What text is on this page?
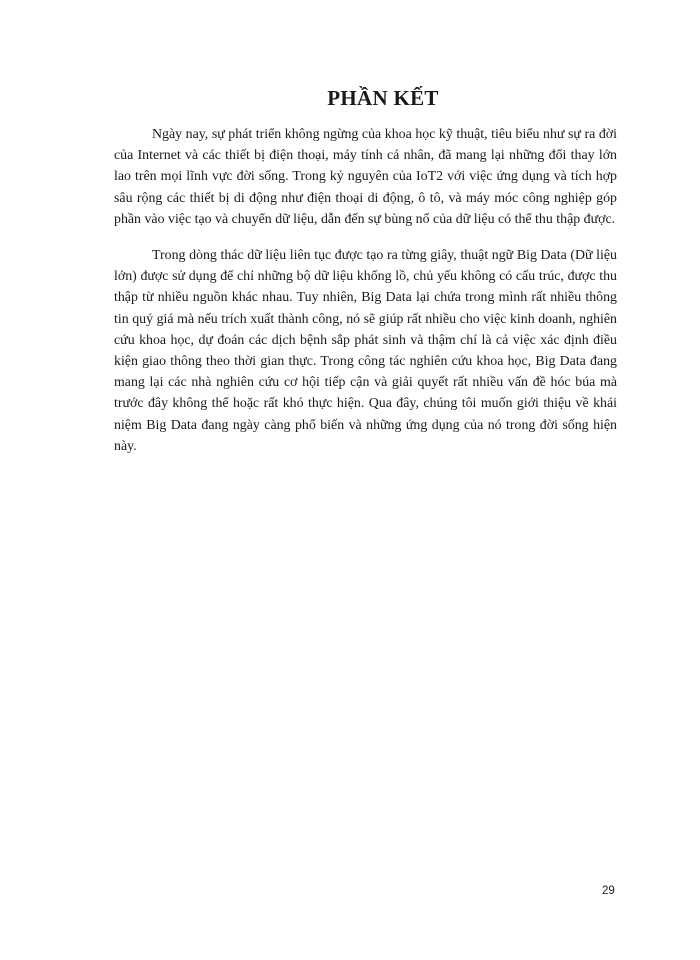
PHẦN KẾT

Ngày nay, sự phát triển không ngừng của khoa học kỹ thuật, tiêu biểu như sự ra đời của Internet và các thiết bị điện thoại, máy tính cá nhân, đã mang lại những đổi thay lớn lao trên mọi lĩnh vực đời sống. Trong kỷ nguyên của IoT2 với việc ứng dụng và tích hợp sâu rộng các thiết bị di động như điện thoại di động, ô tô, và máy móc công nghiệp góp phần vào việc tạo và chuyển dữ liệu, dẫn đến sự bùng nổ của dữ liệu có thể thu thập được.

Trong dòng thác dữ liệu liên tục được tạo ra từng giây, thuật ngữ Big Data (Dữ liệu lớn) được sử dụng để chỉ những bộ dữ liệu khổng lồ, chủ yếu không có cấu trúc, được thu thập từ nhiều nguồn khác nhau. Tuy nhiên, Big Data lại chứa trong mình rất nhiều thông tin quý giá mà nếu trích xuất thành công, nó sẽ giúp rất nhiều cho việc kinh doanh, nghiên cứu khoa học, dự đoán các dịch bệnh sắp phát sinh và thậm chí là cả việc xác định điều kiện giao thông theo thời gian thực. Trong công tác nghiên cứu khoa học, Big Data đang mang lại các nhà nghiên cứu cơ hội tiếp cận và giải quyết rất nhiều vấn đề hóc búa mà trước đây không thể hoặc rất khó thực hiện. Qua đây, chúng tôi muốn giới thiệu về khái niệm Big Data đang ngày càng phổ biến và những ứng dụng của nó trong đời sống hiện này.

29
